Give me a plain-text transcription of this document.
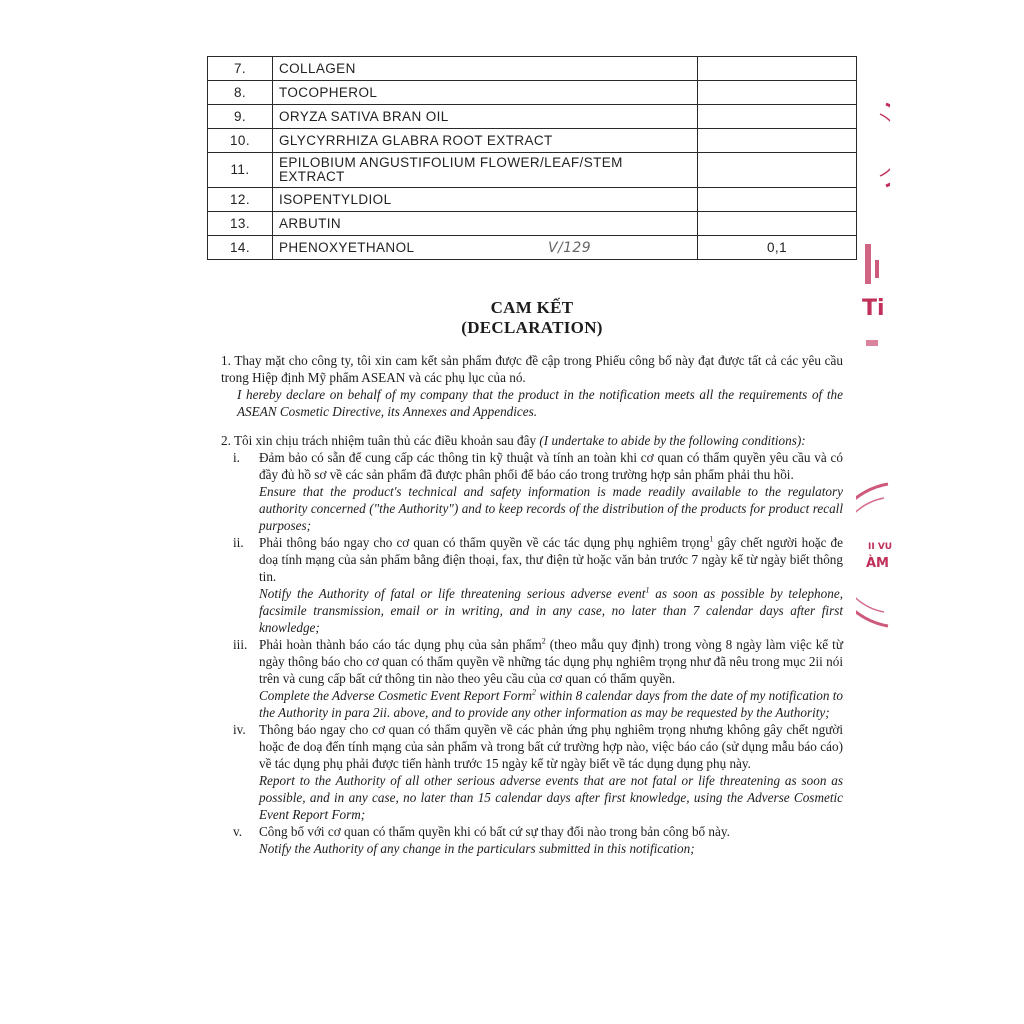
7.	COLLAGEN	
8.	TOCOPHEROL	
9.	ORYZA SATIVA BRAN OIL	
10.	GLYCYRRHIZA GLABRA ROOT EXTRACT	
11.	EPILOBIUM ANGUSTIFOLIUM FLOWER/LEAF/STEM EXTRACT	
12.	ISOPENTYLDIOL	
13.	ARBUTIN	
14.	PHENOXYETHANOL V/129	0,1
CAM KẾT
(DECLARATION)

1. Thay mặt cho công ty, tôi xin cam kết sản phẩm được đề cập trong Phiếu công bố này đạt được tất cả các yêu cầu trong Hiệp định Mỹ phẩm ASEAN và các phụ lục của nó.

I hereby declare on behalf of my company that the product in the notification meets all the requirements of the ASEAN Cosmetic Directive, its Annexes and Appendices.

2. Tôi xin chịu trách nhiệm tuân thủ các điều khoản sau đây (I undertake to abide by the following conditions):

i. Đảm bảo có sẵn để cung cấp các thông tin kỹ thuật và tính an toàn khi cơ quan có thẩm quyền yêu cầu và có đầy đủ hồ sơ về các sản phẩm đã được phân phối để báo cáo trong trường hợp sản phẩm phải thu hồi.

Ensure that the product's technical and safety information is made readily available to the regulatory authority concerned ("the Authority") and to keep records of the distribution of the products for product recall purposes;

ii. Phải thông báo ngay cho cơ quan có thẩm quyền về các tác dụng phụ nghiêm trọng$^1$ gây chết người hoặc đe doạ tính mạng của sản phẩm bằng điện thoại, fax, thư điện tử hoặc văn bản trước 7 ngày kể từ ngày biết thông tin.

Notify the Authority of fatal or life threatening serious adverse event$^1$ as soon as possible by telephone, facsimile transmission, email or in writing, and in any case, no later than 7 calendar days after first knowledge;

iii. Phải hoàn thành báo cáo tác dụng phụ của sản phẩm$^2$ (theo mẫu quy định) trong vòng 8 ngày làm việc kể từ ngày thông báo cho cơ quan có thẩm quyền về những tác dụng phụ nghiêm trọng như đã nêu trong mục 2ii nói trên và cung cấp bất cứ thông tin nào theo yêu cầu của cơ quan có thẩm quyền.

Complete the Adverse Cosmetic Event Report Form$^2$ within 8 calendar days from the date of my notification to the Authority in para 2ii. above, and to provide any other information as may be requested by the Authority;

iv. Thông báo ngay cho cơ quan có thẩm quyền về các phản ứng phụ nghiêm trọng nhưng không gây chết người hoặc đe doạ đến tính mạng của sản phẩm và trong bất cứ trường hợp nào, việc báo cáo (sử dụng mẫu báo cáo) về tác dụng phụ phải được tiến hành trước 15 ngày kể từ ngày biết về tác dụng dụng phụ này.

Report to the Authority of all other serious adverse events that are not fatal or life threatening as soon as possible, and in any case, no later than 15 calendar days after first knowledge, using the Adverse Cosmetic Event Report Form;

v. Công bố với cơ quan có thẩm quyền khi có bất cứ sự thay đổi nào trong bản công bố này.

Notify the Authority of any change in the particulars submitted in this notification;

Ti
II VU
ÀM
